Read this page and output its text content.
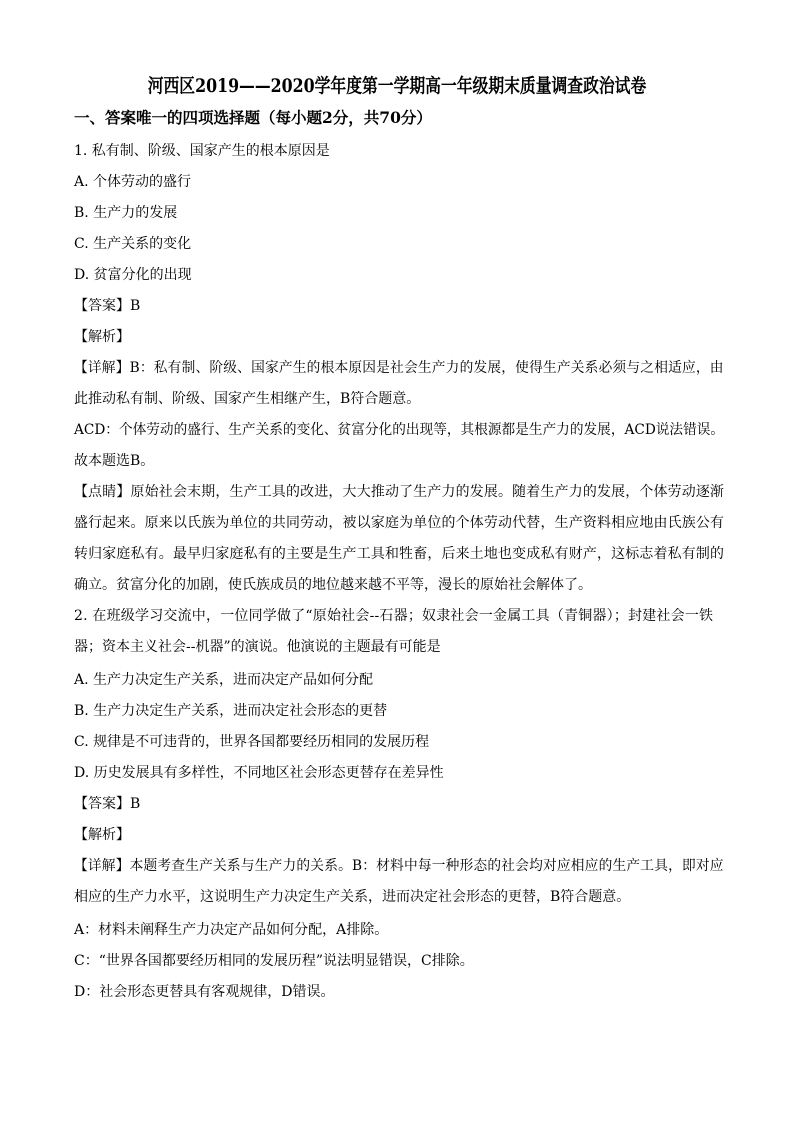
河西区2019——2020学年度第一学期高一年级期末质量调查政治试卷
一、答案唯一的四项选择题（每小题2分，共70分）
1. 私有制、阶级、国家产生的根本原因是
A. 个体劳动的盛行
B. 生产力的发展
C. 生产关系的变化
D. 贫富分化的出现
【答案】B
【解析】
【详解】B：私有制、阶级、国家产生的根本原因是社会生产力的发展，使得生产关系必须与之相适应，由
此推动私有制、阶级、国家产生相继产生，B符合题意。
ACD：个体劳动的盛行、生产关系的变化、贫富分化的出现等，其根源都是生产力的发展，ACD说法错误。
故本题选B。
【点睛】原始社会末期，生产工具的改进，大大推动了生产力的发展。随着生产力的发展，个体劳动逐渐
盛行起来。原来以氏族为单位的共同劳动，被以家庭为单位的个体劳动代替，生产资料相应地由氏族公有
转归家庭私有。最早归家庭私有的主要是生产工具和牲畜，后来土地也变成私有财产，这标志着私有制的
确立。贫富分化的加剧，使氏族成员的地位越来越不平等，漫长的原始社会解体了。
2. 在班级学习交流中，一位同学做了“原始社会--石器；奴隶社会一金属工具（青铜器）；封建社会一铁
器；资本主义社会--机器”的演说。他演说的主题最有可能是
A. 生产力决定生产关系，进而决定产品如何分配
B. 生产力决定生产关系，进而决定社会形态的更替
C. 规律是不可违背的，世界各国都要经历相同的发展历程
D. 历史发展具有多样性，不同地区社会形态更替存在差异性
【答案】B
【解析】
【详解】本题考查生产关系与生产力的关系。B：材料中每一种形态的社会均对应相应的生产工具，即对应
相应的生产力水平，这说明生产力决定生产关系，进而决定社会形态的更替，B符合题意。
A：材料未阐释生产力决定产品如何分配，A排除。
C：“世界各国都要经历相同的发展历程”说法明显错误，C排除。
D：社会形态更替具有客观规律，D错误。
